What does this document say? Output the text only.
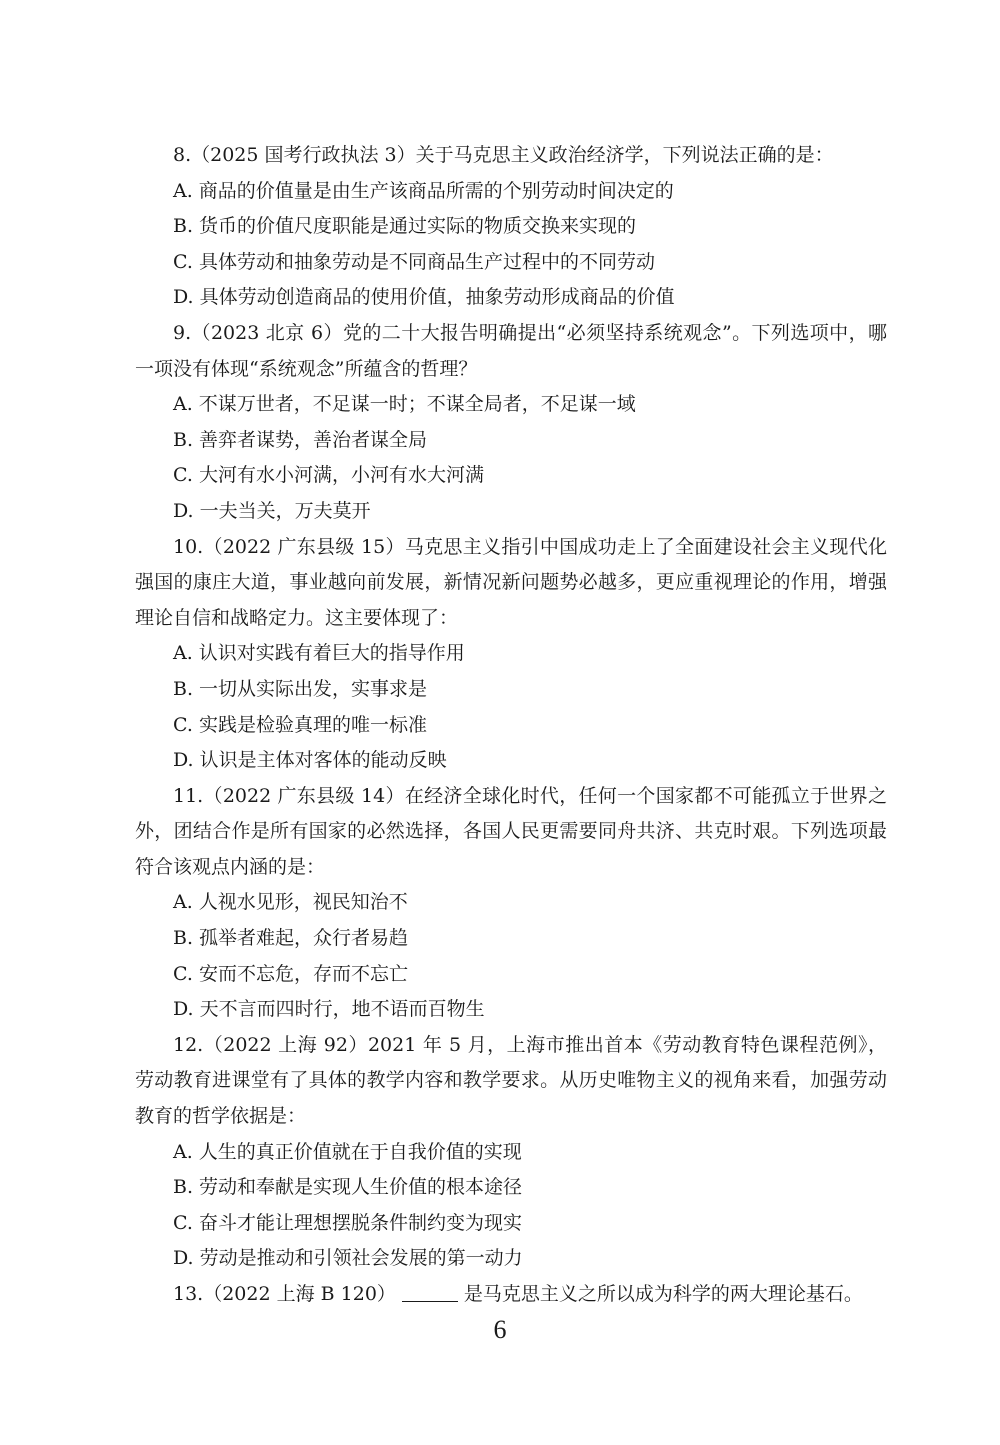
8.（2025 国考行政执法 3）关于马克思主义政治经济学，下列说法正确的是：

A. 商品的价值量是由生产该商品所需的个别劳动时间决定的

B. 货币的价值尺度职能是通过实际的物质交换来实现的

C. 具体劳动和抽象劳动是不同商品生产过程中的不同劳动

D. 具体劳动创造商品的使用价值，抽象劳动形成商品的价值

9.（2023 北京 6）党的二十大报告明确提出“必须坚持系统观念”。下列选项中，哪一项没有体现“系统观念”所蕴含的哲理？

A. 不谋万世者，不足谋一时；不谋全局者，不足谋一域

B. 善弈者谋势，善治者谋全局

C. 大河有水小河满，小河有水大河满

D. 一夫当关，万夫莫开

10.（2022 广东县级 15）马克思主义指引中国成功走上了全面建设社会主义现代化强国的康庄大道，事业越向前发展，新情况新问题势必越多，更应重视理论的作用，增强理论自信和战略定力。这主要体现了：

A. 认识对实践有着巨大的指导作用

B. 一切从实际出发，实事求是

C. 实践是检验真理的唯一标准

D. 认识是主体对客体的能动反映

11.（2022 广东县级 14）在经济全球化时代，任何一个国家都不可能孤立于世界之外，团结合作是所有国家的必然选择，各国人民更需要同舟共济、共克时艰。下列选项最符合该观点内涵的是：

A. 人视水见形，视民知治不

B. 孤举者难起，众行者易趋

C. 安而不忘危，存而不忘亡

D. 天不言而四时行，地不语而百物生

12.（2022 上海 92）2021 年 5 月，上海市推出首本《劳动教育特色课程范例》，劳动教育进课堂有了具体的教学内容和教学要求。从历史唯物主义的视角来看，加强劳动教育的哲学依据是：

A. 人生的真正价值就在于自我价值的实现

B. 劳动和奉献是实现人生价值的根本途径

C. 奋斗才能让理想摆脱条件制约变为现实

D. 劳动是推动和引领社会发展的第一动力

13.（2022 上海 B 120）	是马克思主义之所以成为科学的两大理论基石。

6
